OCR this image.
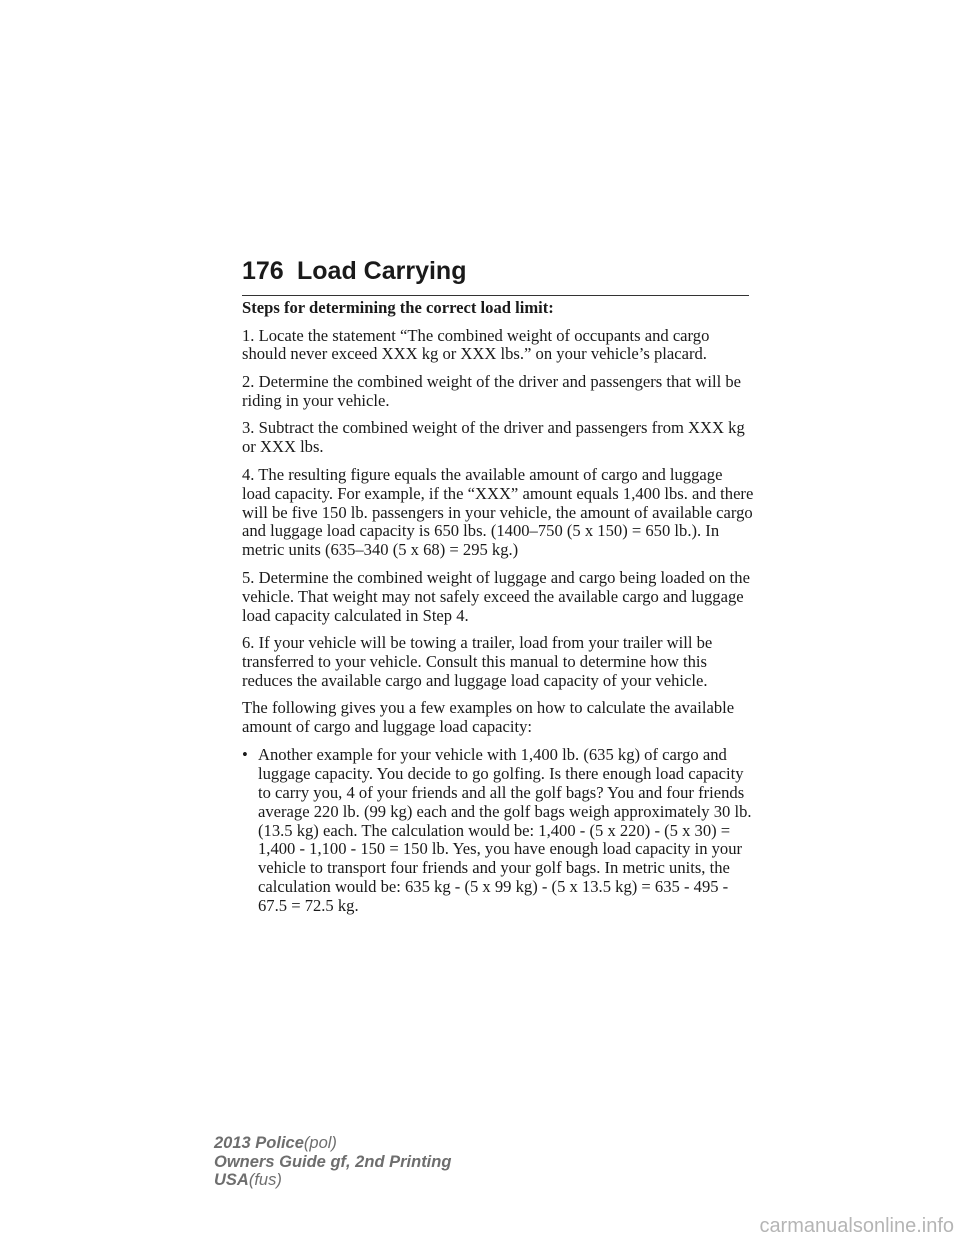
176 Load Carrying

Steps for determining the correct load limit:

1. Locate the statement “The combined weight of occupants and cargo should never exceed XXX kg or XXX lbs.” on your vehicle’s placard.

2. Determine the combined weight of the driver and passengers that will be riding in your vehicle.

3. Subtract the combined weight of the driver and passengers from XXX kg or XXX lbs.

4. The resulting figure equals the available amount of cargo and luggage load capacity. For example, if the “XXX” amount equals 1,400 lbs. and there will be five 150 lb. passengers in your vehicle, the amount of available cargo and luggage load capacity is 650 lbs. (1400–750 (5 x 150) = 650 lb.). In metric units (635–340 (5 x 68) = 295 kg.)

5. Determine the combined weight of luggage and cargo being loaded on the vehicle. That weight may not safely exceed the available cargo and luggage load capacity calculated in Step 4.

6. If your vehicle will be towing a trailer, load from your trailer will be transferred to your vehicle. Consult this manual to determine how this reduces the available cargo and luggage load capacity of your vehicle.

The following gives you a few examples on how to calculate the available amount of cargo and luggage load capacity:

• Another example for your vehicle with 1,400 lb. (635 kg) of cargo and luggage capacity. You decide to go golfing. Is there enough load capacity to carry you, 4 of your friends and all the golf bags? You and four friends average 220 lb. (99 kg) each and the golf bags weigh approximately 30 lb. (13.5 kg) each. The calculation would be: 1,400 - (5 x 220) - (5 x 30) = 1,400 - 1,100 - 150 = 150 lb. Yes, you have enough load capacity in your vehicle to transport four friends and your golf bags. In metric units, the calculation would be: 635 kg - (5 x 99 kg) - (5 x 13.5 kg) = 635 - 495 - 67.5 = 72.5 kg.
2013 Police(pol)
Owners Guide gf, 2nd Printing
USA(fus)
carmanualsonline.info
